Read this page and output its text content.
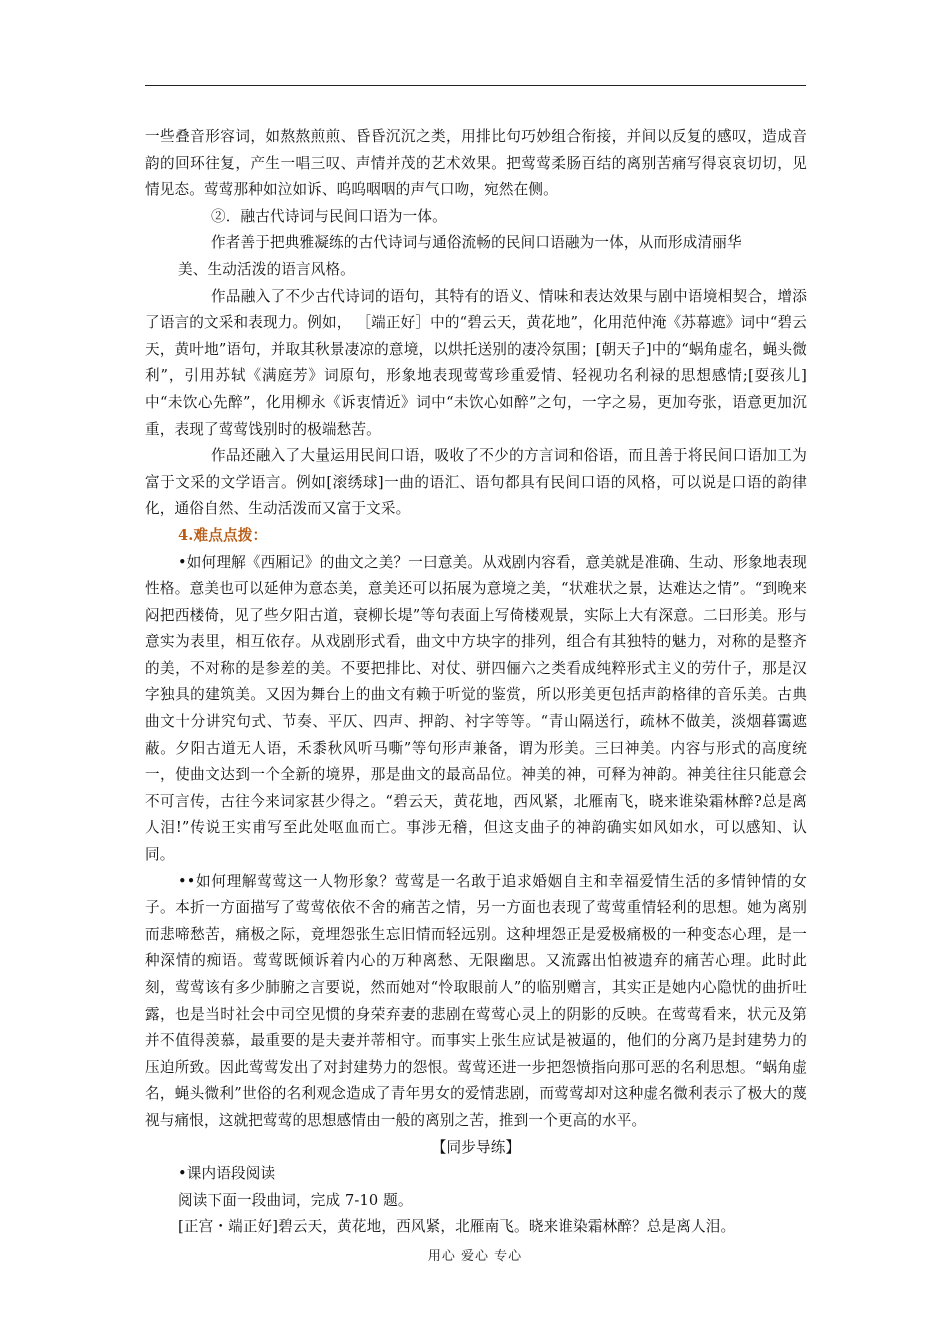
一些叠音形容词，如熬熬煎煎、昏昏沉沉之类，用排比句巧妙组合衔接，并间以反复的感叹，造成音韵的回环往复，产生一唱三叹、声情并茂的艺术效果。把莺莺柔肠百结的离别苦痛写得哀哀切切，见情见态。莺莺那种如泣如诉、呜呜咽咽的声气口吻，宛然在侧。

②．融古代诗词与民间口语为一体。

作者善于把典雅凝练的古代诗词与通俗流畅的民间口语融为一体，从而形成清丽华

美、生动活泼的语言风格。

作品融入了不少古代诗词的语句，其特有的语义、情味和表达效果与剧中语境相契合，增添了语言的文采和表现力。例如， ［端正好］中的“碧云天，黄花地”，化用范仲淹《苏幕遮》词中“碧云天，黄叶地”语句，并取其秋景凄凉的意境，以烘托送别的凄冷氛围；[朝天子]中的“蜗角虚名，蝇头微利”，引用苏轼《满庭芳》词原句，形象地表现莺莺珍重爱情、轻视功名利禄的思想感情;[耍孩儿]中“未饮心先醉”，化用柳永《诉衷情近》词中“未饮心如醉”之句，一字之易，更加夸张，语意更加沉重，表现了莺莺饯别时的极端愁苦。

作品还融入了大量运用民间口语，吸收了不少的方言词和俗语，而且善于将民间口语加工为富于文采的文学语言。例如[滚绣球]一曲的语汇、语句都具有民间口语的风格，可以说是口语的韵律化，通俗自然、生动活泼而又富于文采。

4.难点点拨：

•如何理解《西厢记》的曲文之美？一曰意美。从戏剧内容看，意美就是准确、生动、形象地表现性格。意美也可以延伸为意态美，意美还可以拓展为意境之美，“状难状之景，达难达之情”。“到晚来闷把西楼倚，见了些夕阳古道，衰柳长堤”等句表面上写倚楼观景，实际上大有深意。二曰形美。形与意实为表里，相互依存。从戏剧形式看，曲文中方块字的排列，组合有其独特的魅力，对称的是整齐的美，不对称的是参差的美。不要把排比、对仗、骈四俪六之类看成纯粹形式主义的劳什子，那是汉字独具的建筑美。又因为舞台上的曲文有赖于听觉的鉴赏，所以形美更包括声韵格律的音乐美。古典曲文十分讲究句式、节奏、平仄、四声、押韵、衬字等等。“青山隔送行，疏林不做美，淡烟暮霭遮蔽。夕阳古道无人语，禾黍秋风听马嘶”等句形声兼备，谓为形美。三曰神美。内容与形式的高度统一，使曲文达到一个全新的境界，那是曲文的最高品位。神美的神，可释为神韵。神美往往只能意会不可言传，古往今来词家甚少得之。“碧云天，黄花地，西风紧，北雁南飞，晓来谁染霜林醉?总是离人泪!”传说王实甫写至此处呕血而亡。事涉无稽，但这支曲子的神韵确实如风如水，可以感知、认同。

••如何理解莺莺这一人物形象？莺莺是一名敢于追求婚姻自主和幸福爱情生活的多情钟情的女子。本折一方面描写了莺莺依依不舍的痛苦之情，另一方面也表现了莺莺重情轻利的思想。她为离别而悲啼愁苦，痛极之际，竟埋怨张生忘旧情而轻远别。这种埋怨正是爱极痛极的一种变态心理，是一种深情的痴语。莺莺既倾诉着内心的万种离愁、无限幽思。又流露出怕被遗弃的痛苦心理。此时此刻，莺莺该有多少肺腑之言要说，然而她对“怜取眼前人”的临别赠言，其实正是她内心隐忧的曲折吐露，也是当时社会中司空见惯的身荣弃妻的悲剧在莺莺心灵上的阴影的反映。在莺莺看来，状元及第并不值得羡慕，最重要的是夫妻并蒂相守。而事实上张生应试是被逼的，他们的分离乃是封建势力的压迫所致。因此莺莺发出了对封建势力的怨恨。莺莺还进一步把怨愤指向那可恶的名利思想。“蜗角虚名，蝇头微利”世俗的名利观念造成了青年男女的爱情悲剧，而莺莺却对这种虚名微利表示了极大的蔑视与痛恨，这就把莺莺的思想感情由一般的离别之苦，推到一个更高的水平。

【同步导练】

•课内语段阅读

阅读下面一段曲词，完成 7-10 题。

[正宫・端正好]碧云天，黄花地，西风紧，北雁南飞。晓来谁染霜林醉？总是离人泪。

用心 爱心 专心
